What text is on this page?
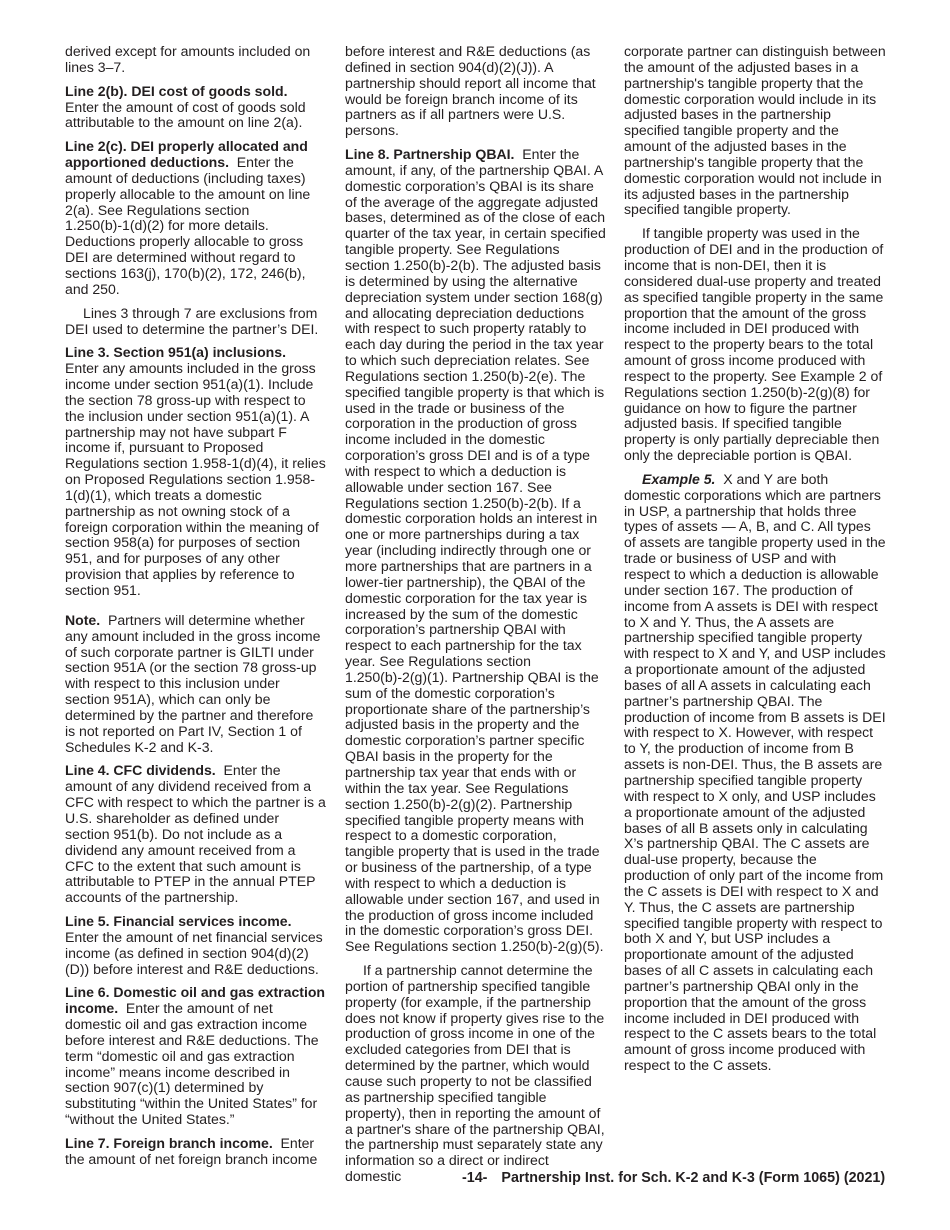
derived except for amounts included on lines 3–7.

Line 2(b). DEI cost of goods sold.
Enter the amount of cost of goods sold attributable to the amount on line 2(a).

Line 2(c). DEI properly allocated and apportioned deductions. Enter the amount of deductions (including taxes) properly allocable to the amount on line 2(a). See Regulations section 1.250(b)-1(d)(2) for more details. Deductions properly allocable to gross DEI are determined without regard to sections 163(j), 170(b)(2), 172, 246(b), and 250.

Lines 3 through 7 are exclusions from DEI used to determine the partner’s DEI.

Line 3. Section 951(a) inclusions.
Enter any amounts included in the gross income under section 951(a)(1). Include the section 78 gross-up with respect to the inclusion under section 951(a)(1). A partnership may not have subpart F income if, pursuant to Proposed Regulations section 1.958-1(d)(4), it relies on Proposed Regulations section 1.958-1(d)(1), which treats a domestic partnership as not owning stock of a foreign corporation within the meaning of section 958(a) for purposes of section 951, and for purposes of any other provision that applies by reference to section 951.

Note. Partners will determine whether any amount included in the gross income of such corporate partner is GILTI under section 951A (or the section 78 gross-up with respect to this inclusion under section 951A), which can only be determined by the partner and therefore is not reported on Part IV, Section 1 of Schedules K-2 and K-3.

Line 4. CFC dividends. Enter the amount of any dividend received from a CFC with respect to which the partner is a U.S. shareholder as defined under section 951(b). Do not include as a dividend any amount received from a CFC to the extent that such amount is attributable to PTEP in the annual PTEP accounts of the partnership.

Line 5. Financial services income.
Enter the amount of net financial services income (as defined in section 904(d)(2)(D)) before interest and R&E deductions.

Line 6. Domestic oil and gas extraction income. Enter the amount of net domestic oil and gas extraction income before interest and R&E deductions. The term “domestic oil and gas extraction income” means income described in section 907(c)(1) determined by substituting “within the United States” for “without the United States.”

Line 7. Foreign branch income. Enter the amount of net foreign branch income

before interest and R&E deductions (as defined in section 904(d)(2)(J)). A partnership should report all income that would be foreign branch income of its partners as if all partners were U.S. persons.

Line 8. Partnership QBAI. Enter the amount, if any, of the partnership QBAI. A domestic corporation’s QBAI is its share of the average of the aggregate adjusted bases, determined as of the close of each quarter of the tax year, in certain specified tangible property. See Regulations section 1.250(b)-2(b). The adjusted basis is determined by using the alternative depreciation system under section 168(g) and allocating depreciation deductions with respect to such property ratably to each day during the period in the tax year to which such depreciation relates. See Regulations section 1.250(b)-2(e). The specified tangible property is that which is used in the trade or business of the corporation in the production of gross income included in the domestic corporation’s gross DEI and is of a type with respect to which a deduction is allowable under section 167. See Regulations section 1.250(b)-2(b). If a domestic corporation holds an interest in one or more partnerships during a tax year (including indirectly through one or more partnerships that are partners in a lower-tier partnership), the QBAI of the domestic corporation for the tax year is increased by the sum of the domestic corporation’s partnership QBAI with respect to each partnership for the tax year. See Regulations section 1.250(b)-2(g)(1). Partnership QBAI is the sum of the domestic corporation’s proportionate share of the partnership’s adjusted basis in the property and the domestic corporation’s partner specific QBAI basis in the property for the partnership tax year that ends with or within the tax year. See Regulations section 1.250(b)-2(g)(2). Partnership specified tangible property means with respect to a domestic corporation, tangible property that is used in the trade or business of the partnership, of a type with respect to which a deduction is allowable under section 167, and used in the production of gross income included in the domestic corporation’s gross DEI. See Regulations section 1.250(b)-2(g)(5).

If a partnership cannot determine the portion of partnership specified tangible property (for example, if the partnership does not know if property gives rise to the production of gross income in one of the excluded categories from DEI that is determined by the partner, which would cause such property to not be classified as partnership specified tangible property), then in reporting the amount of a partner's share of the partnership QBAI, the partnership must separately state any information so a direct or indirect domestic

corporate partner can distinguish between the amount of the adjusted bases in a partnership's tangible property that the domestic corporation would include in its adjusted bases in the partnership specified tangible property and the amount of the adjusted bases in the partnership's tangible property that the domestic corporation would not include in its adjusted bases in the partnership specified tangible property.

If tangible property was used in the production of DEI and in the production of income that is non-DEI, then it is considered dual-use property and treated as specified tangible property in the same proportion that the amount of the gross income included in DEI produced with respect to the property bears to the total amount of gross income produced with respect to the property. See Example 2 of Regulations section 1.250(b)-2(g)(8) for guidance on how to figure the partner adjusted basis. If specified tangible property is only partially depreciable then only the depreciable portion is QBAI.

Example 5. X and Y are both domestic corporations which are partners in USP, a partnership that holds three types of assets — A, B, and C. All types of assets are tangible property used in the trade or business of USP and with respect to which a deduction is allowable under section 167. The production of income from A assets is DEI with respect to X and Y. Thus, the A assets are partnership specified tangible property with respect to X and Y, and USP includes a proportionate amount of the adjusted bases of all A assets in calculating each partner’s partnership QBAI. The production of income from B assets is DEI with respect to X. However, with respect to Y, the production of income from B assets is non-DEI. Thus, the B assets are partnership specified tangible property with respect to X only, and USP includes a proportionate amount of the adjusted bases of all B assets only in calculating X’s partnership QBAI. The C assets are dual-use property, because the production of only part of the income from the C assets is DEI with respect to X and Y. Thus, the C assets are partnership specified tangible property with respect to both X and Y, but USP includes a proportionate amount of the adjusted bases of all C assets in calculating each partner’s partnership QBAI only in the proportion that the amount of the gross income included in DEI produced with respect to the C assets bears to the total amount of gross income produced with respect to the C assets.

-14- Partnership Inst. for Sch. K-2 and K-3 (Form 1065) (2021)
